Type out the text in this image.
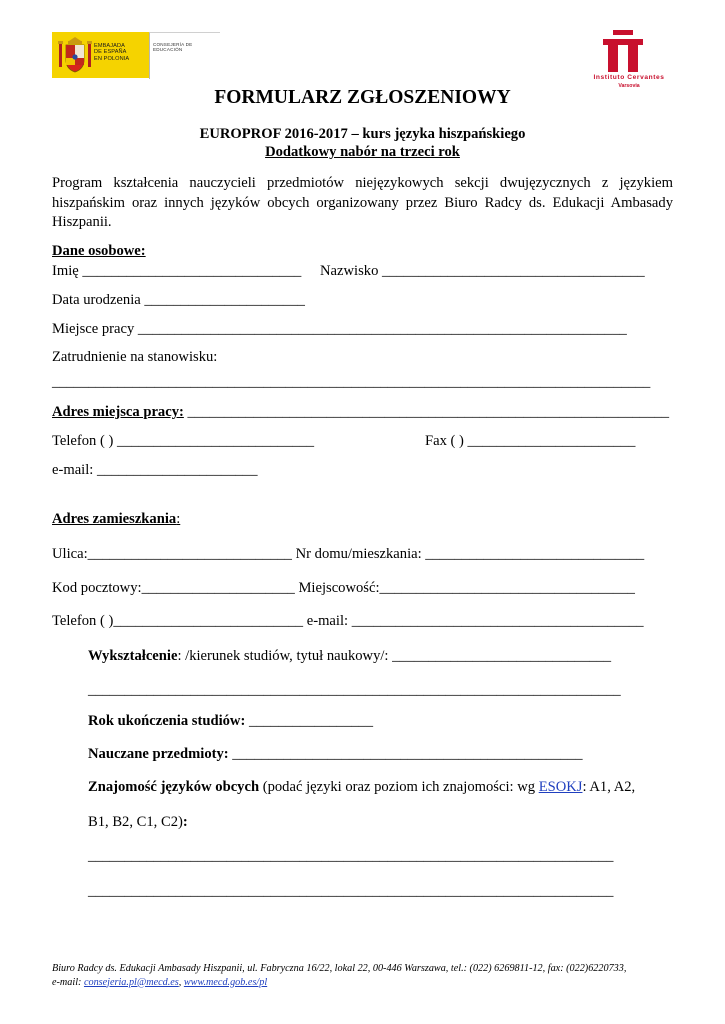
EMBAJADA
DE ESPAÑA
EN POLONIA
CONSEJERÍA DE EDUCACIÓN
Instituto Cervantes
Varsovia
FORMULARZ ZGŁOSZENIOWY
EUROPROF 2016-2017 – kurs języka hiszpańskiego
Dodatkowy nabór na trzeci rok
Program kształcenia nauczycieli przedmiotów niejęzykowych sekcji dwujęzycznych z językiem hiszpańskim oraz innych języków obcych organizowany przez Biuro Radcy ds. Edukacji Ambasady Hiszpanii.
Dane osobowe:
Imię ______________________________ Nazwisko ____________________________________
Data urodzenia ______________________
Miejsce pracy ___________________________________________________________________
Zatrudnienie na stanowisku:
__________________________________________________________________________________
Adres miejsca pracy: __________________________________________________________________
Telefon ( ) ___________________________	Fax ( ) _______________________
e-mail: ______________________
Adres zamieszkania:
Ulica:____________________________ Nr domu/mieszkania: ______________________________
Kod pocztowy:_____________________ Miejscowość:___________________________________
Telefon ( )__________________________ e-mail: ________________________________________
Wykształcenie: /kierunek studiów, tytuł naukowy/: ______________________________
_________________________________________________________________________
Rok ukończenia studiów: _________________
Nauczane przedmioty: ________________________________________________
Znajomość języków obcych (podać języki oraz poziom ich znajomości: wg ESOKJ: A1, A2,
B1, B2, C1, C2):
________________________________________________________________________
________________________________________________________________________
Biuro Radcy ds. Edukacji Ambasady Hiszpanii, ul. Fabryczna 16/22, lokal 22, 00-446 Warszawa, tel.: (022) 6269811-12, fax: (022)6220733,
e-mail: consejeria.pl@mecd.es, www.mecd.gob.es/pl
